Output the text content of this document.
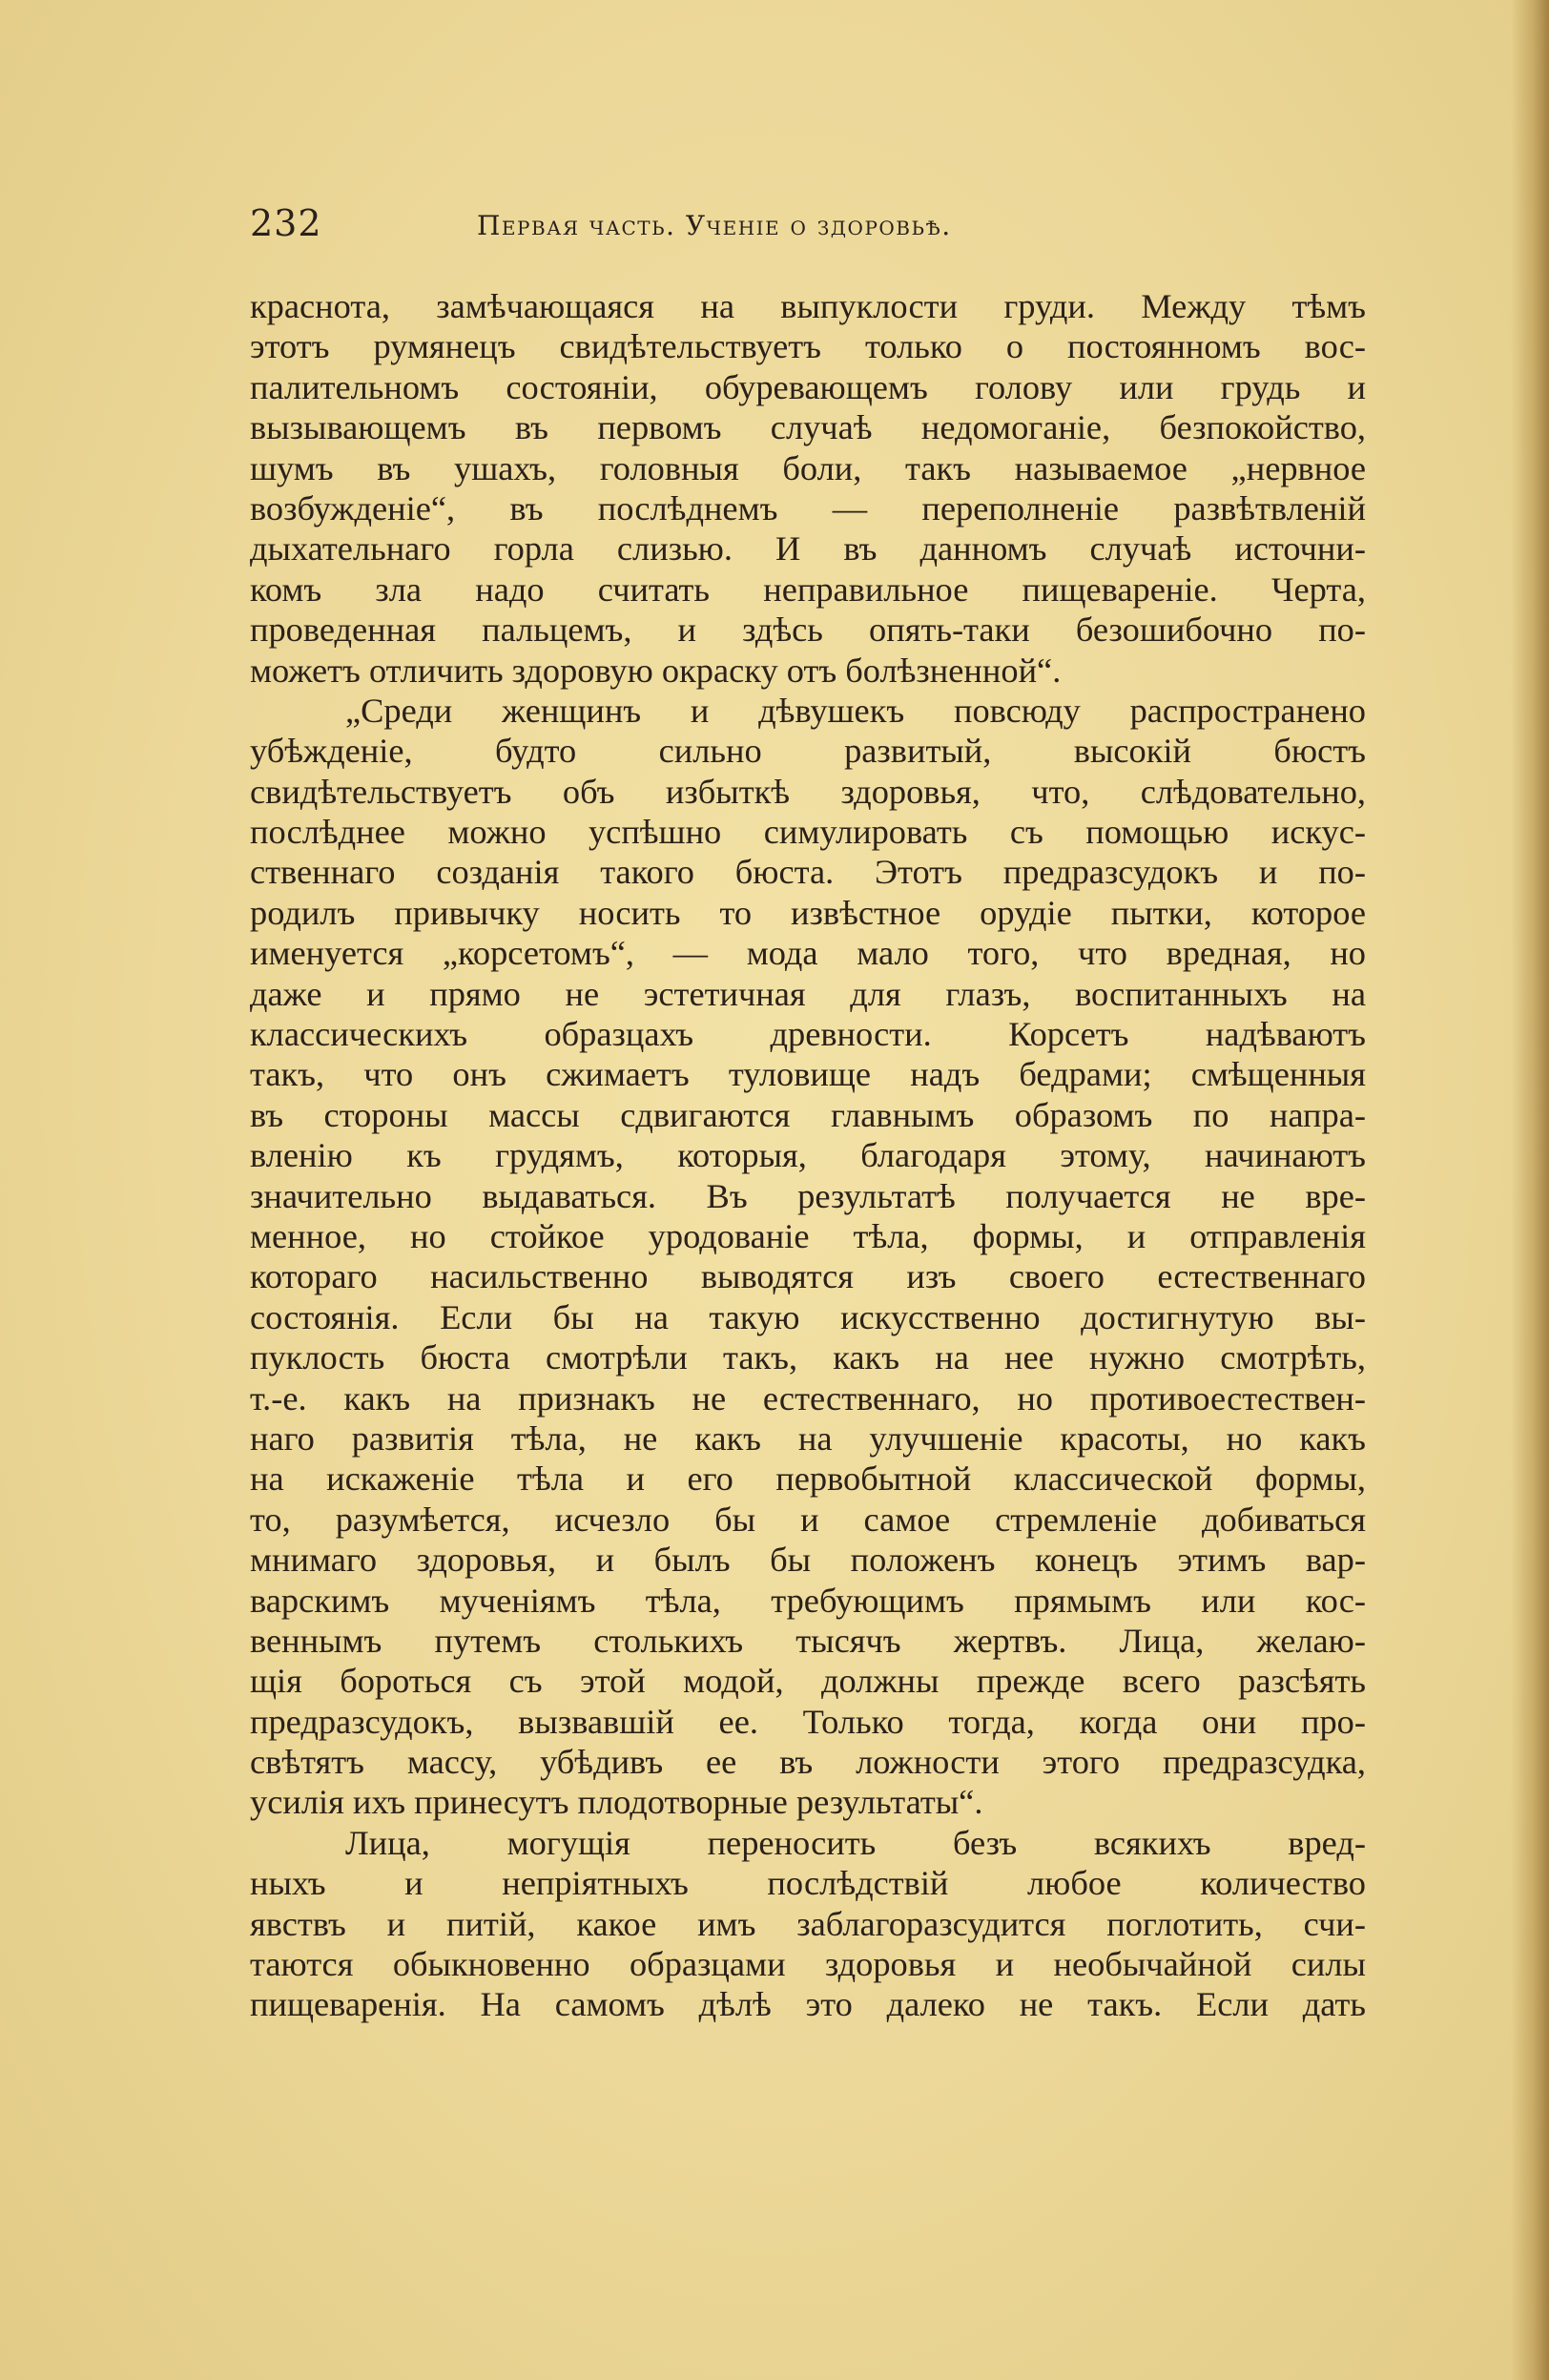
232	Первая часть. Ученіе о здоровьѣ.
краснота, замѣчающаяся на выпуклости груди. Между тѣмъ
этотъ румянецъ свидѣтельствуетъ только о постоянномъ вос-
палительномъ состояніи, обуревающемъ голову или грудь и
вызывающемъ въ первомъ случаѣ недомоганіе, безпокойство,
шумъ въ ушахъ, головныя боли, такъ называемое „нервное
возбужденіе“, въ послѣднемъ — переполненіе развѣтвленій
дыхательнаго горла слизью. И въ данномъ случаѣ источни-
комъ зла надо считать неправильное пищевареніе. Черта,
проведенная пальцемъ, и здѣсь опять-таки безошибочно по-
можетъ отличить здоровую окраску отъ болѣзненной“.
„Среди женщинъ и дѣвушекъ повсюду распространено
убѣжденіе, будто сильно развитый, высокій бюстъ
свидѣтельствуетъ объ избыткѣ здоровья, что, слѣдовательно,
послѣднее можно успѣшно симулировать съ помощью искус-
ственнаго созданія такого бюста. Этотъ предразсудокъ и по-
родилъ привычку носить то извѣстное орудіе пытки, которое
именуется „корсетомъ“, — мода мало того, что вредная, но
даже и прямо не эстетичная для глазъ, воспитанныхъ на
классическихъ образцахъ древности. Корсетъ надѣваютъ
такъ, что онъ сжимаетъ туловище надъ бедрами; смѣщенныя
въ стороны массы сдвигаются главнымъ образомъ по напра-
вленію къ грудямъ, которыя, благодаря этому, начинаютъ
значительно выдаваться. Въ результатѣ получается не вре-
менное, но стойкое уродованіе тѣла, формы, и отправленія
котораго насильственно выводятся изъ своего естественнаго
состоянія. Если бы на такую искусственно достигнутую вы-
пуклость бюста смотрѣли такъ, какъ на нее нужно смотрѣть,
т.-е. какъ на признакъ не естественнаго, но противоестествен-
наго развитія тѣла, не какъ на улучшеніе красоты, но какъ
на искаженіе тѣла и его первобытной классической формы,
то, разумѣется, исчезло бы и самое стремленіе добиваться
мнимаго здоровья, и былъ бы положенъ конецъ этимъ вар-
варскимъ мученіямъ тѣла, требующимъ прямымъ или кос-
веннымъ путемъ столькихъ тысячъ жертвъ. Лица, желаю-
щія бороться съ этой модой, должны прежде всего разсѣять
предразсудокъ, вызвавшій ее. Только тогда, когда они про-
свѣтятъ массу, убѣдивъ ее въ ложности этого предразсудка,
усилія ихъ принесутъ плодотворные результаты“.
Лица, могущія переносить безъ всякихъ вред-
ныхъ и непріятныхъ послѣдствій любое количество
явствъ и питій, какое имъ заблагоразсудится поглотить, счи-
таются обыкновенно образцами здоровья и необычайной силы
пищеваренія. На самомъ дѣлѣ это далеко не такъ. Если дать
